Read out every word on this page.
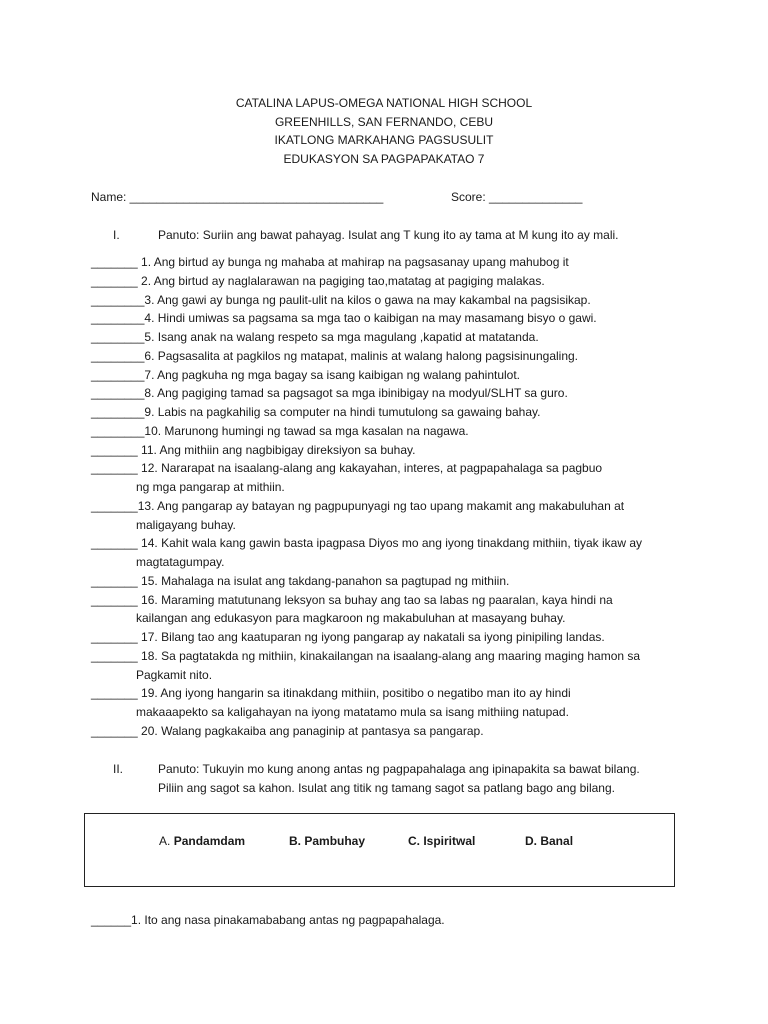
CATALINA LAPUS-OMEGA NATIONAL HIGH SCHOOL
GREENHILLS, SAN FERNANDO, CEBU
IKATLONG MARKAHANG PAGSUSULIT
EDUKASYON SA PAGPAPAKATAO 7
Name: ______________________________________	Score: ______________
I.	Panuto: Suriin ang bawat pahayag. Isulat ang T kung ito ay tama at M kung ito ay mali.
_______ 1. Ang birtud ay bunga ng mahaba at mahirap na pagsasanay upang mahubog it
_______ 2. Ang birtud ay naglalarawan na pagiging tao,matatag at pagiging malakas.
________3. Ang gawi ay bunga ng paulit-ulit na kilos o gawa na may kakambal na pagsisikap.
________4. Hindi umiwas sa pagsama sa mga tao o kaibigan na may masamang bisyo o gawi.
________5. Isang anak na walang respeto sa mga magulang ,kapatid at matatanda.
________6. Pagsasalita at pagkilos ng matapat, malinis at walang halong pagsisinungaling.
________7. Ang pagkuha ng mga bagay sa isang kaibigan ng walang pahintulot.
________8. Ang pagiging tamad sa pagsagot sa mga ibinibigay na modyul/SLHT sa guro.
________9. Labis na pagkahilig sa computer na hindi tumutulong sa gawaing bahay.
________10. Marunong humingi ng tawad sa mga kasalan na nagawa.
_______ 11. Ang mithiin ang nagbibigay direksiyon sa buhay.
_______ 12. Nararapat na isaalang-alang ang kakayahan, interes, at pagpapahalaga sa pagbuo
ng mga pangarap at mithiin.
_______13. Ang pangarap ay batayan ng pagpupunyagi ng tao upang makamit ang makabuluhan at
maligayang buhay.
_______ 14. Kahit wala kang gawin basta ipagpasa Diyos mo ang iyong tinakdang mithiin, tiyak ikaw ay
magtatagumpay.
_______ 15. Mahalaga na isulat ang takdang-panahon sa pagtupad ng mithiin.
_______ 16. Maraming matutunang leksyon sa buhay ang tao sa labas ng paaralan, kaya hindi na
kailangan ang edukasyon para magkaroon ng makabuluhan at masayang buhay.
_______ 17. Bilang tao ang kaatuparan ng iyong pangarap ay nakatali sa iyong pinipiling landas.
_______ 18. Sa pagtatakda ng mithiin, kinakailangan na isaalang-alang ang maaring maging hamon sa
Pagkamit nito.
_______ 19. Ang iyong hangarin sa itinakdang mithiin, positibo o negatibo man ito ay hindi
makaaapekto sa kaligahayan na iyong matatamo mula sa isang mithiing natupad.
_______ 20. Walang pagkakaiba ang panaginip at pantasya sa pangarap.
II.	Panuto: Tukuyin mo kung anong antas ng pagpapahalaga ang ipinapakita sa bawat bilang.
Piliin ang sagot sa kahon. Isulat ang titik ng tamang sagot sa patlang bago ang bilang.
A. Pandamdam	B. Pambuhay	C. Ispiritwal	D. Banal
______1. Ito ang nasa pinakamababang antas ng pagpapahalaga.
